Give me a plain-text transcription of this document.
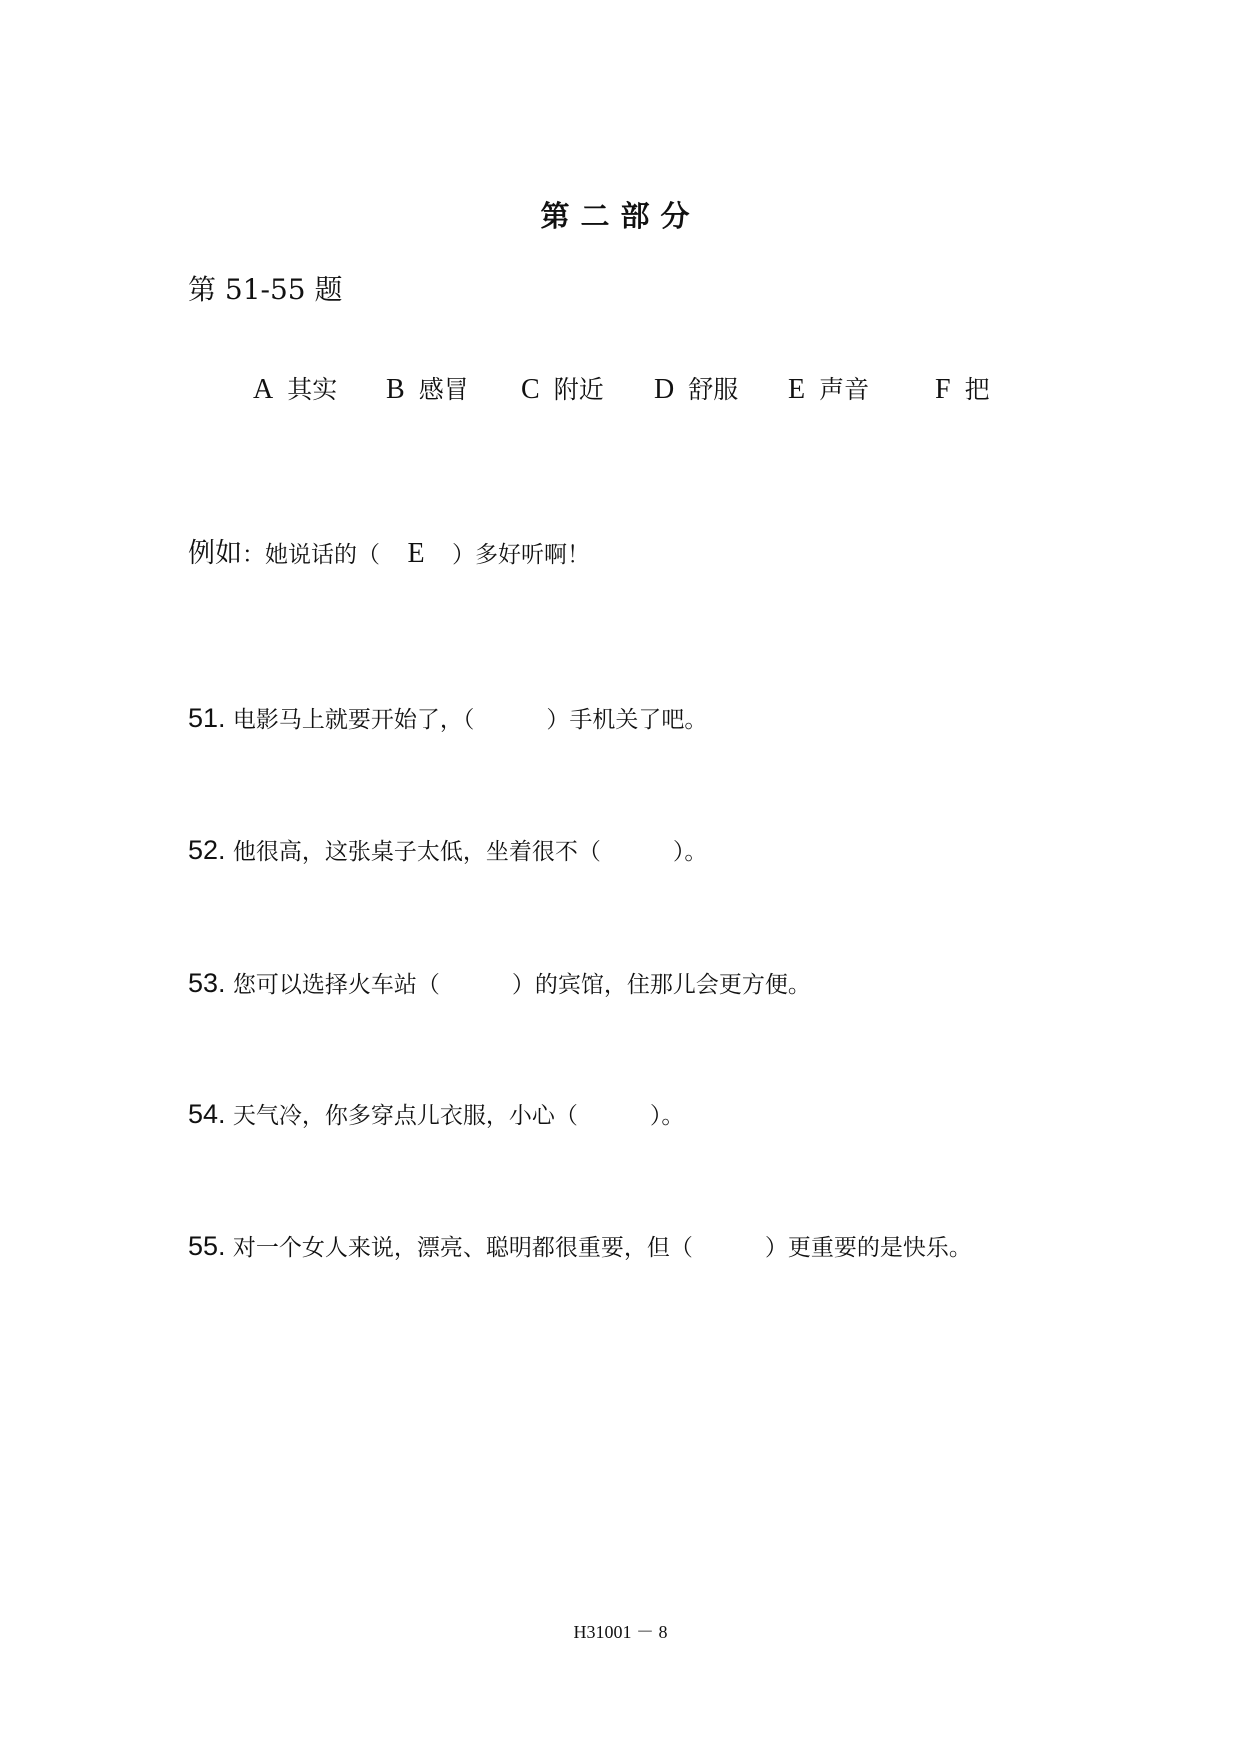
第二部分
第 51-55 题
A 其实 B 感冒 C 附近 D 舒服 E 声音 F 把
例如：她说话的（ E ）多好听啊！
51. 电影马上就要开始了，（	）手机关了吧。
52. 他很高，这张桌子太低，坐着很不（	）。
53. 您可以选择火车站（	）的宾馆，住那儿会更方便。
54. 天气冷，你多穿点儿衣服，小心（	）。
55. 对一个女人来说，漂亮、聪明都很重要，但（	）更重要的是快乐。
H31001 － 8
